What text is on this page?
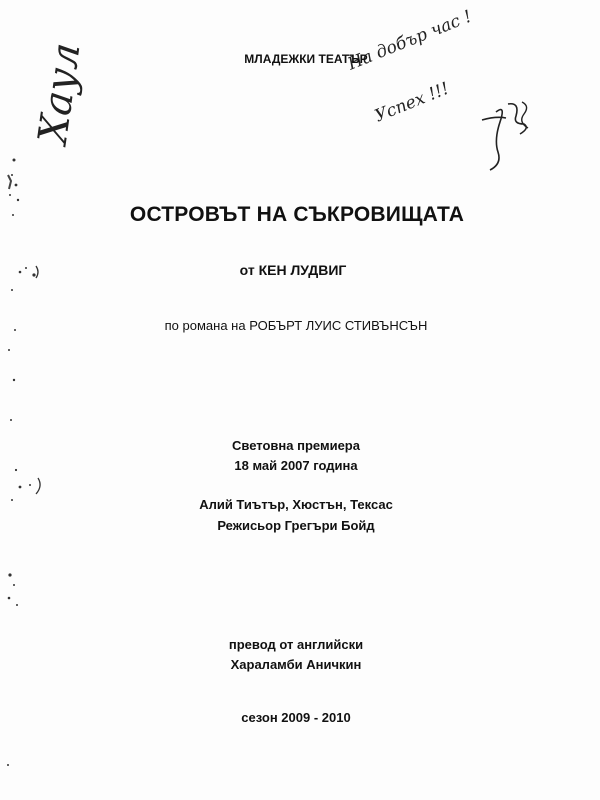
Хаул	На добър час !
Успех !!!
МЛАДЕЖКИ ТЕАТЪР
ОСТРОВЪТ НА СЪКРОВИЩАТА
от КЕН ЛУДВИГ
по романа на РОБЪРТ ЛУИС СТИВЪНСЪН
Световна премиера
18 май 2007 година
Алий Тиътър, Хюстън, Тексас
Режисьор Грегъри Бойд
превод от английски
Хараламби Аничкин
сезон 2009 - 2010
